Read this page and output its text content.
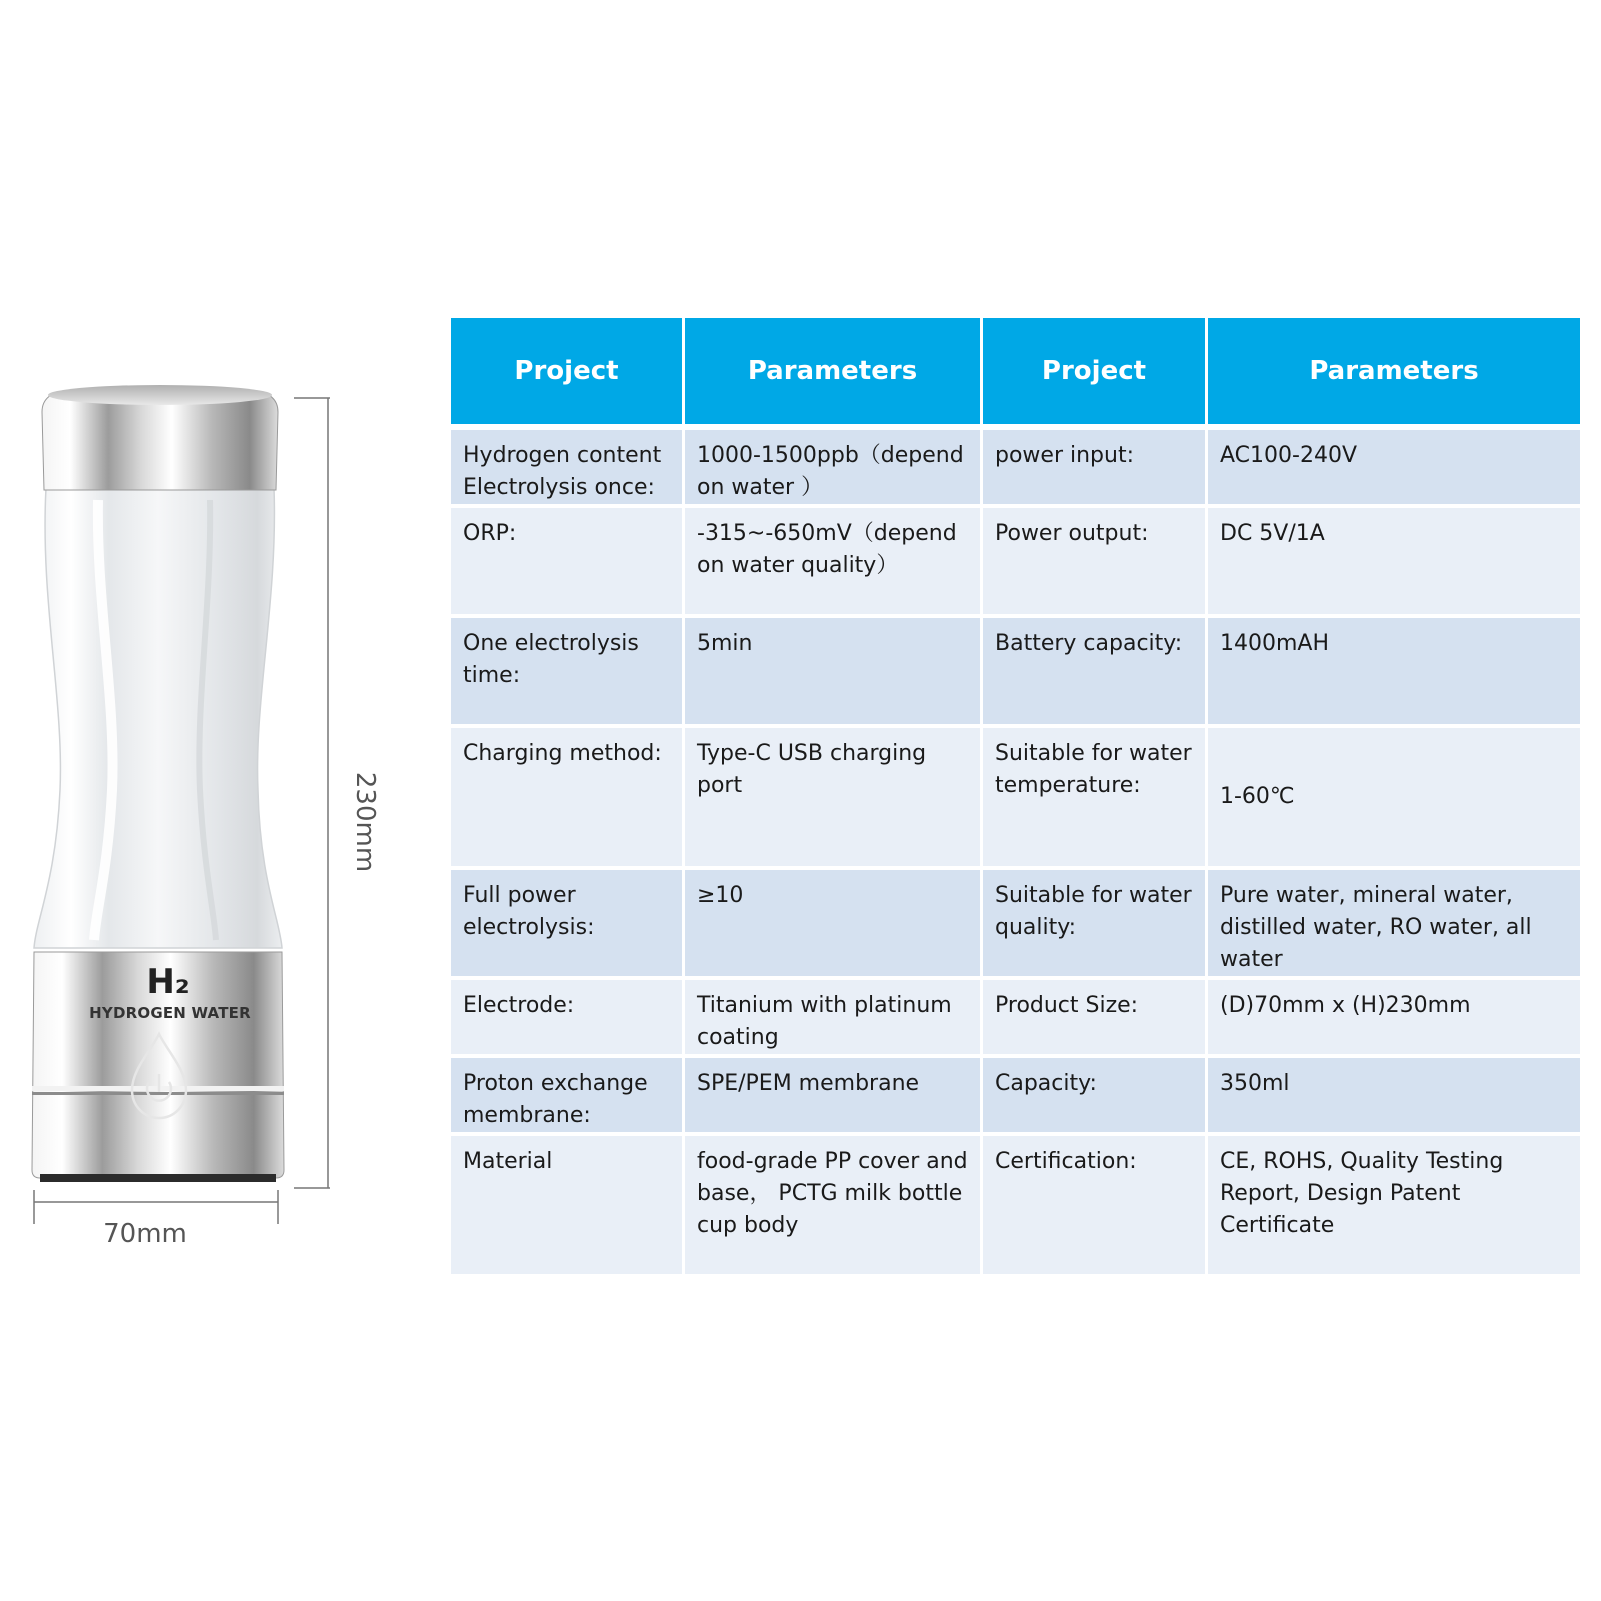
H₂
HYDROGEN WATER
70mm
230mm
Project	Parameters	Project	Parameters
Hydrogen content Electrolysis once:	1000-1500ppb（depend on water ）	power input:	AC100-240V
ORP:	-315~-650mV（depend on water quality）	Power output:	DC 5V/1A
One electrolysis time:	5min	Battery capacity:	1400mAH
Charging method:	Type-C USB charging port	Suitable for water temperature:	1-60℃
Full power electrolysis:	≥10	Suitable for water quality:	Pure water, mineral water, distilled water, RO water, all water
Electrode:	Titanium with platinum coating	Product Size:	(D)70mm x (H)230mm
Proton exchange membrane:	SPE/PEM membrane	Capacity:	350ml
Material	food-grade PP cover and base， PCTG milk bottle cup body	Certification:	CE, ROHS, Quality Testing Report, Design Patent Certificate
